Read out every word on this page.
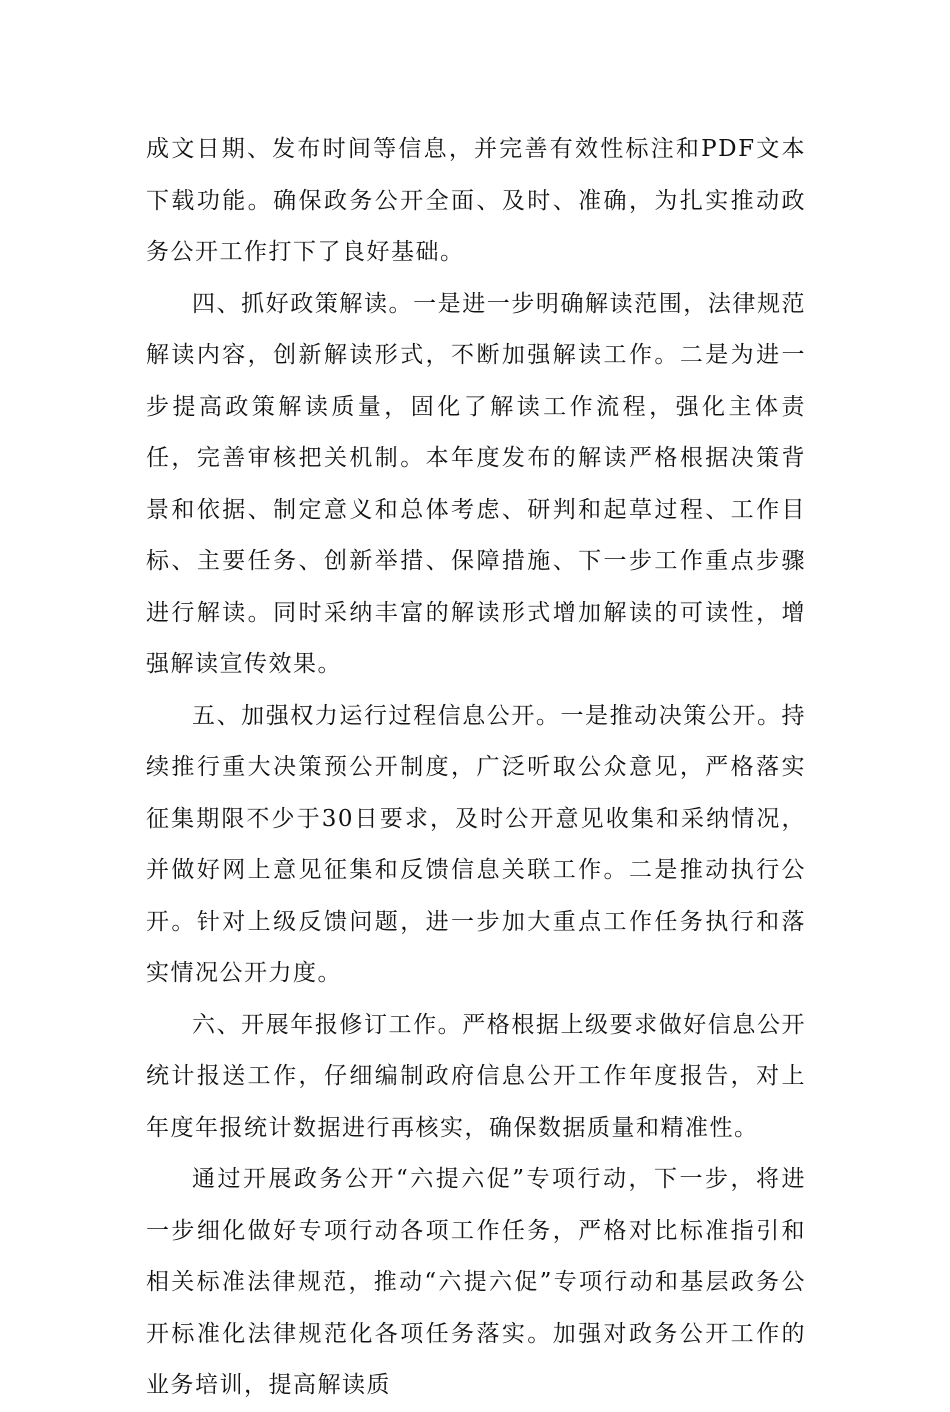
成文日期、发布时间等信息，并完善有效性标注和PDF文本下载功能。确保政务公开全面、及时、准确，为扎实推动政务公开工作打下了良好基础。

四、抓好政策解读。一是进一步明确解读范围，法律规范解读内容，创新解读形式，不断加强解读工作。二是为进一步提高政策解读质量，固化了解读工作流程，强化主体责任，完善审核把关机制。本年度发布的解读严格根据决策背景和依据、制定意义和总体考虑、研判和起草过程、工作目标、主要任务、创新举措、保障措施、下一步工作重点步骤进行解读。同时采纳丰富的解读形式增加解读的可读性，增强解读宣传效果。

五、加强权力运行过程信息公开。一是推动决策公开。持续推行重大决策预公开制度，广泛听取公众意见，严格落实征集期限不少于30日要求，及时公开意见收集和采纳情况，并做好网上意见征集和反馈信息关联工作。二是推动执行公开。针对上级反馈问题，进一步加大重点工作任务执行和落实情况公开力度。

六、开展年报修订工作。严格根据上级要求做好信息公开统计报送工作，仔细编制政府信息公开工作年度报告，对上年度年报统计数据进行再核实，确保数据质量和精准性。

通过开展政务公开“六提六促”专项行动，下一步，将进一步细化做好专项行动各项工作任务，严格对比标准指引和相关标准法律规范，推动“六提六促”专项行动和基层政务公开标准化法律规范化各项任务落实。加强对政务公开工作的业务培训，提高解读质
